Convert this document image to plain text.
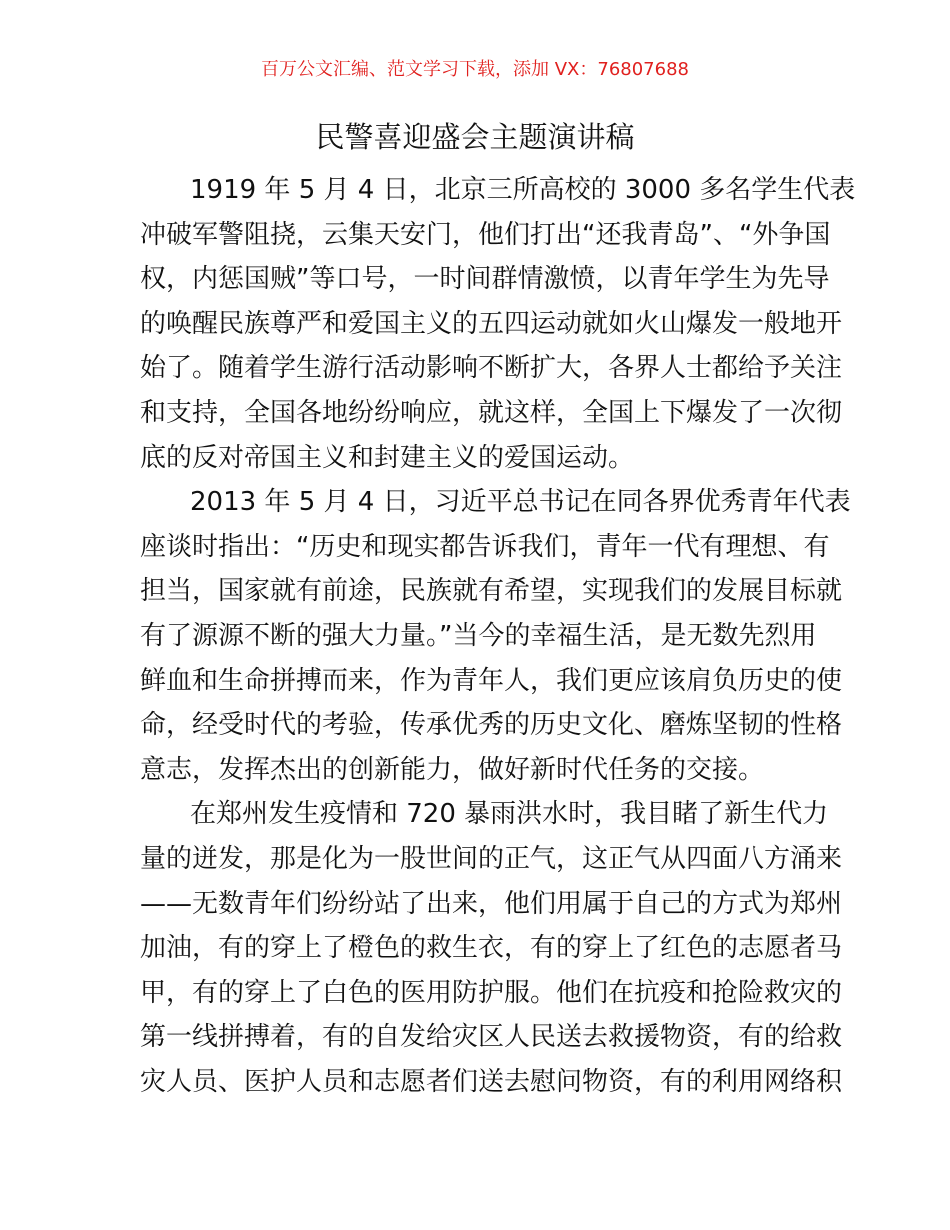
百万公文汇编、范文学习下载，添加 VX：76807688
民警喜迎盛会主题演讲稿
1919 年 5 月 4 日，北京三所高校的 3000 多名学生代表
冲破军警阻挠，云集天安门，他们打出“还我青岛”、“外争国
权，内惩国贼”等口号，一时间群情激愤，以青年学生为先导
的唤醒民族尊严和爱国主义的五四运动就如火山爆发一般地开
始了。随着学生游行活动影响不断扩大，各界人士都给予关注
和支持，全国各地纷纷响应，就这样，全国上下爆发了一次彻
底的反对帝国主义和封建主义的爱国运动。
2013 年 5 月 4 日，习近平总书记在同各界优秀青年代表
座谈时指出：“历史和现实都告诉我们，青年一代有理想、有
担当，国家就有前途，民族就有希望，实现我们的发展目标就
有了源源不断的强大力量。”当今的幸福生活，是无数先烈用
鲜血和生命拼搏而来，作为青年人，我们更应该肩负历史的使
命，经受时代的考验，传承优秀的历史文化、磨炼坚韧的性格
意志，发挥杰出的创新能力，做好新时代任务的交接。
在郑州发生疫情和 720 暴雨洪水时，我目睹了新生代力
量的迸发，那是化为一股世间的正气，这正气从四面八方涌来
——无数青年们纷纷站了出来，他们用属于自己的方式为郑州
加油，有的穿上了橙色的救生衣，有的穿上了红色的志愿者马
甲，有的穿上了白色的医用防护服。他们在抗疫和抢险救灾的
第一线拼搏着，有的自发给灾区人民送去救援物资，有的给救
灾人员、医护人员和志愿者们送去慰问物资，有的利用网络积
